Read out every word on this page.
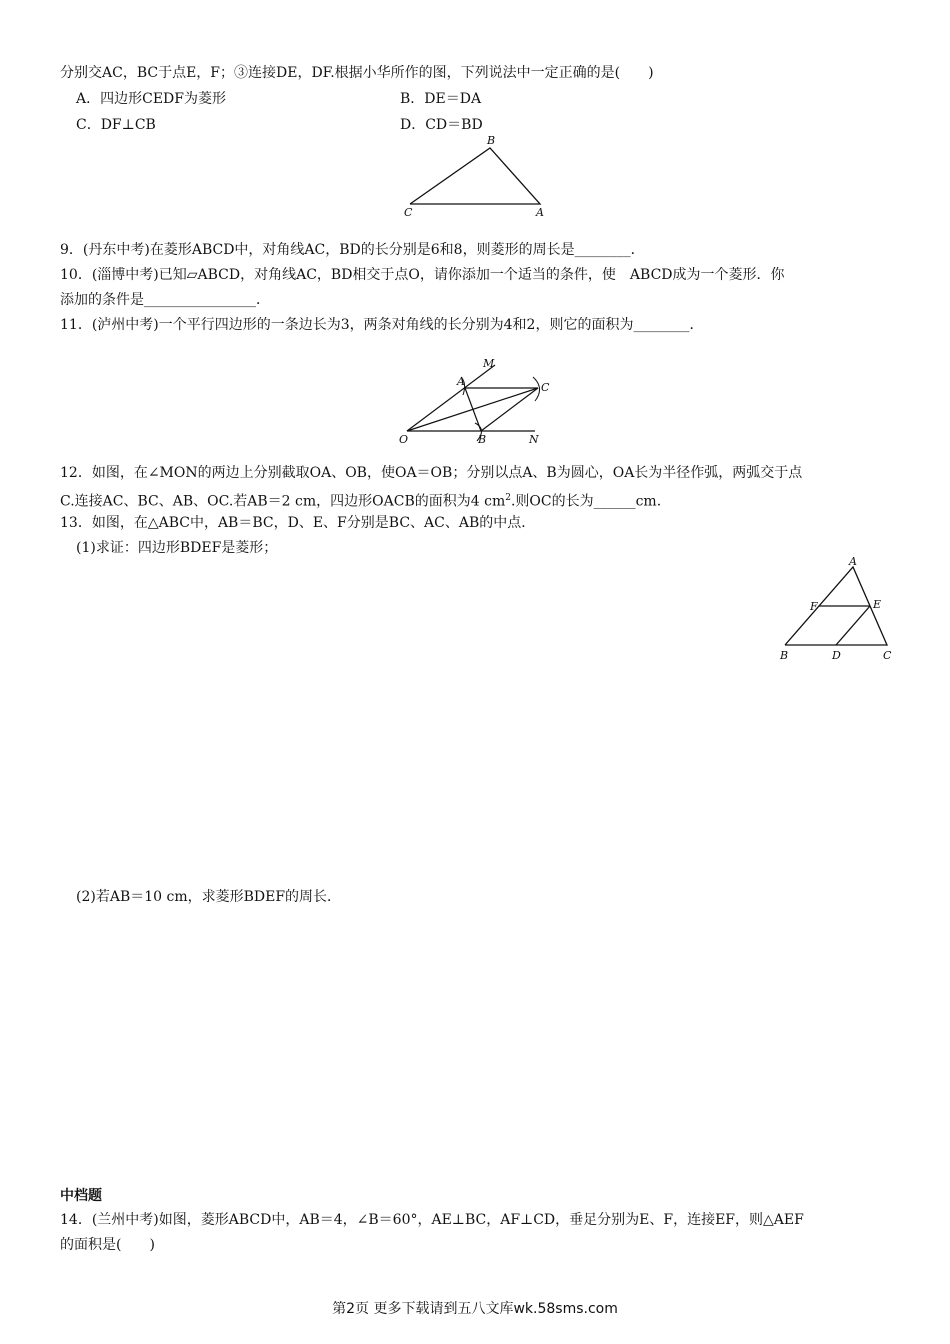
分别交AC，BC于点E，F；③连接DE，DF.根据小华所作的图，下列说法中一定正确的是(　　)
A．四边形CEDF为菱形	B．DE＝DA
C．DF⊥CB	D．CD＝BD
B
C	A
9．(丹东中考)在菱形ABCD中，对角线AC，BD的长分别是6和8，则菱形的周长是________．
10．(淄博中考)已知▱ABCD，对角线AC，BD相交于点O，请你添加一个适当的条件，使　ABCD成为一个菱形．你
添加的条件是________________．
11．(泸州中考)一个平行四边形的一条边长为3，两条对角线的长分别为4和2，则它的面积为________．
M
A	C
O	B	N
12．如图，在∠MON的两边上分别截取OA、OB，使OA＝OB；分别以点A、B为圆心，OA长为半径作弧，两弧交于点
C.连接AC、BC、AB、OC.若AB＝2 cm，四边形OACB的面积为4 $cm^2$.则OC的长为______cm.
13．如图，在△ABC中，AB＝BC，D、E、F分别是BC、AC、AB的中点．
(1)求证：四边形BDEF是菱形；
A
F	E
B	D	C
(2)若AB＝10 cm，求菱形BDEF的周长．
中档题
14．(兰州中考)如图，菱形ABCD中，AB＝4，∠B＝60°，AE⊥BC，AF⊥CD，垂足分别为E、F，连接EF，则△AEF
的面积是(　　)
第2页 更多下载请到五八文库wk.58sms.com
